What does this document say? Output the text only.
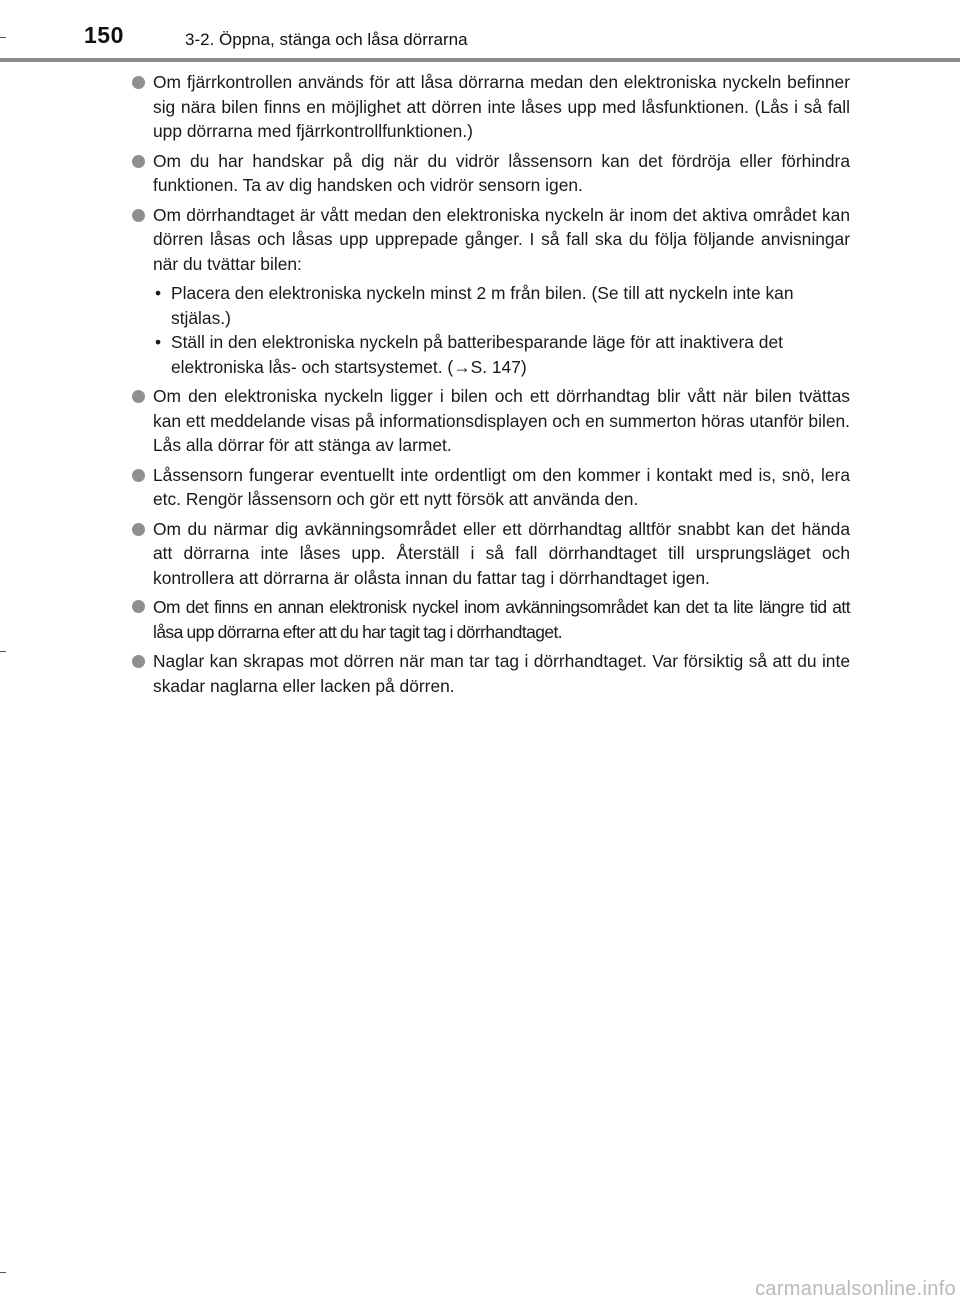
150	3-2. Öppna, stänga och låsa dörrarna
Om fjärrkontrollen används för att låsa dörrarna medan den elektroniska nyckeln befinner sig nära bilen finns en möjlighet att dörren inte låses upp med låsfunktionen. (Lås i så fall upp dörrarna med fjärrkontrollfunktionen.)
Om du har handskar på dig när du vidrör låssensorn kan det fördröja eller förhindra funktionen. Ta av dig handsken och vidrör sensorn igen.
Om dörrhandtaget är vått medan den elektroniska nyckeln är inom det aktiva området kan dörren låsas och låsas upp upprepade gånger. I så fall ska du följa följande anvisningar när du tvättar bilen:
• Placera den elektroniska nyckeln minst 2 m från bilen. (Se till att nyckeln inte kan stjälas.)
• Ställ in den elektroniska nyckeln på batteribesparande läge för att inaktivera det elektroniska lås- och startsystemet. (→S. 147)
Om den elektroniska nyckeln ligger i bilen och ett dörrhandtag blir vått när bilen tvättas kan ett meddelande visas på informationsdisplayen och en summerton höras utanför bilen. Lås alla dörrar för att stänga av larmet.
Låssensorn fungerar eventuellt inte ordentligt om den kommer i kontakt med is, snö, lera etc. Rengör låssensorn och gör ett nytt försök att använda den.
Om du närmar dig avkänningsområdet eller ett dörrhandtag alltför snabbt kan det hända att dörrarna inte låses upp. Återställ i så fall dörrhandtaget till ursprungsläget och kontrollera att dörrarna är olåsta innan du fattar tag i dörrhandtaget igen.
Om det finns en annan elektronisk nyckel inom avkänningsområdet kan det ta lite längre tid att låsa upp dörrarna efter att du har tagit tag i dörrhandtaget.
Naglar kan skrapas mot dörren när man tar tag i dörrhandtaget. Var försiktig så att du inte skadar naglarna eller lacken på dörren.
carmanualsonline.info
